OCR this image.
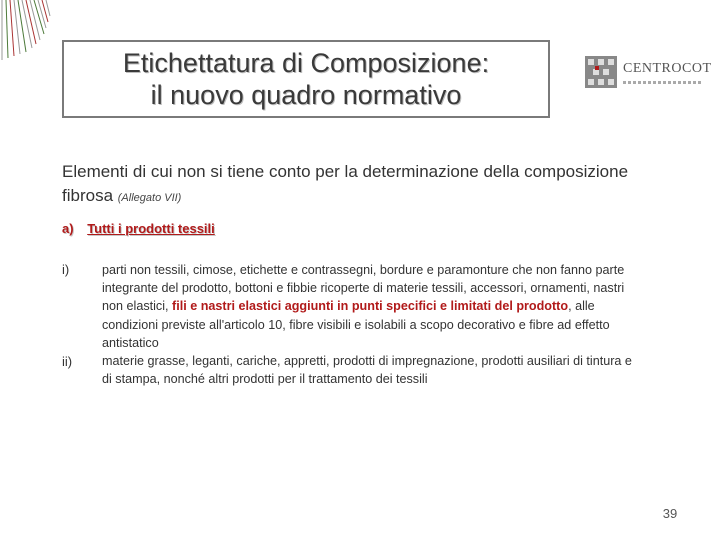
Etichettatura di Composizione:
il nuovo quadro normativo
CENTROCOT
Elementi di cui non si tiene conto per la determinazione della composizione fibrosa (Allegato VII)
a) Tutti i prodotti tessili
i)
ii)
parti non tessili, cimose, etichette e contrassegni, bordure e paramonture che non fanno parte integrante del prodotto, bottoni e fibbie ricoperte di materie tessili, accessori, ornamenti, nastri non elastici, fili e nastri elastici aggiunti in punti specifici e limitati del prodotto, alle condizioni previste all'articolo 10, fibre visibili e isolabili a scopo decorativo e fibre ad effetto antistatico
materie grasse, leganti, cariche, appretti, prodotti di impregnazione, prodotti ausiliari di tintura e di stampa, nonché altri prodotti per il trattamento dei tessili
39
